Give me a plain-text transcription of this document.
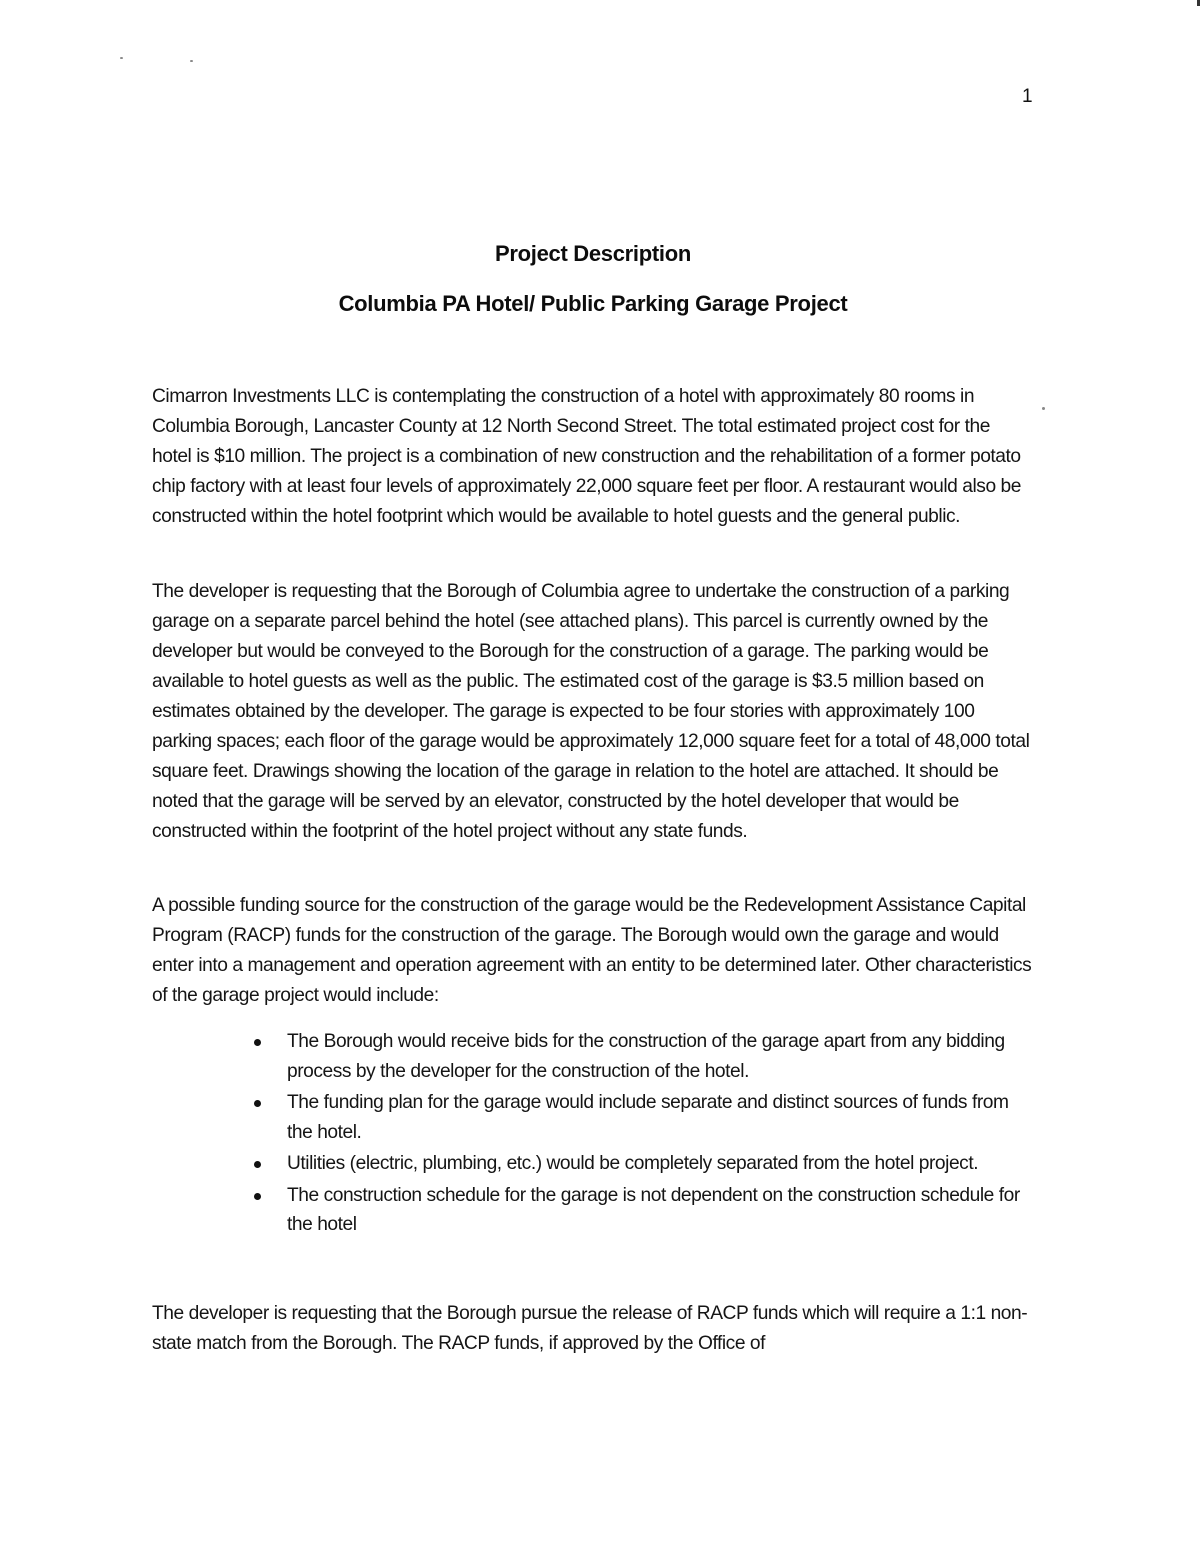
1
Project Description
Columbia PA Hotel/ Public Parking Garage Project

Cimarron Investments LLC is contemplating the construction of a hotel with approximately 80 rooms in Columbia Borough, Lancaster County at 12 North Second Street. The total estimated project cost for the hotel is $10 million. The project is a combination of new construction and the rehabilitation of a former potato chip factory with at least four levels of approximately 22,000 square feet per floor. A restaurant would also be constructed within the hotel footprint which would be available to hotel guests and the general public.

The developer is requesting that the Borough of Columbia agree to undertake the construction of a parking garage on a separate parcel behind the hotel (see attached plans). This parcel is currently owned by the developer but would be conveyed to the Borough for the construction of a garage. The parking would be available to hotel guests as well as the public. The estimated cost of the garage is $3.5 million based on estimates obtained by the developer. The garage is expected to be four stories with approximately 100 parking spaces; each floor of the garage would be approximately 12,000 square feet for a total of 48,000 total square feet. Drawings showing the location of the garage in relation to the hotel are attached. It should be noted that the garage will be served by an elevator, constructed by the hotel developer that would be constructed within the footprint of the hotel project without any state funds.

A possible funding source for the construction of the garage would be the Redevelopment Assistance Capital Program (RACP) funds for the construction of the garage. The Borough would own the garage and would enter into a management and operation agreement with an entity to be determined later. Other characteristics of the garage project would include:

The Borough would receive bids for the construction of the garage apart from any bidding process by the developer for the construction of the hotel.
The funding plan for the garage would include separate and distinct sources of funds from the hotel.
Utilities (electric, plumbing, etc.) would be completely separated from the hotel project.
The construction schedule for the garage is not dependent on the construction schedule for the hotel

The developer is requesting that the Borough pursue the release of RACP funds which will require a 1:1 non-state match from the Borough. The RACP funds, if approved by the Office of
